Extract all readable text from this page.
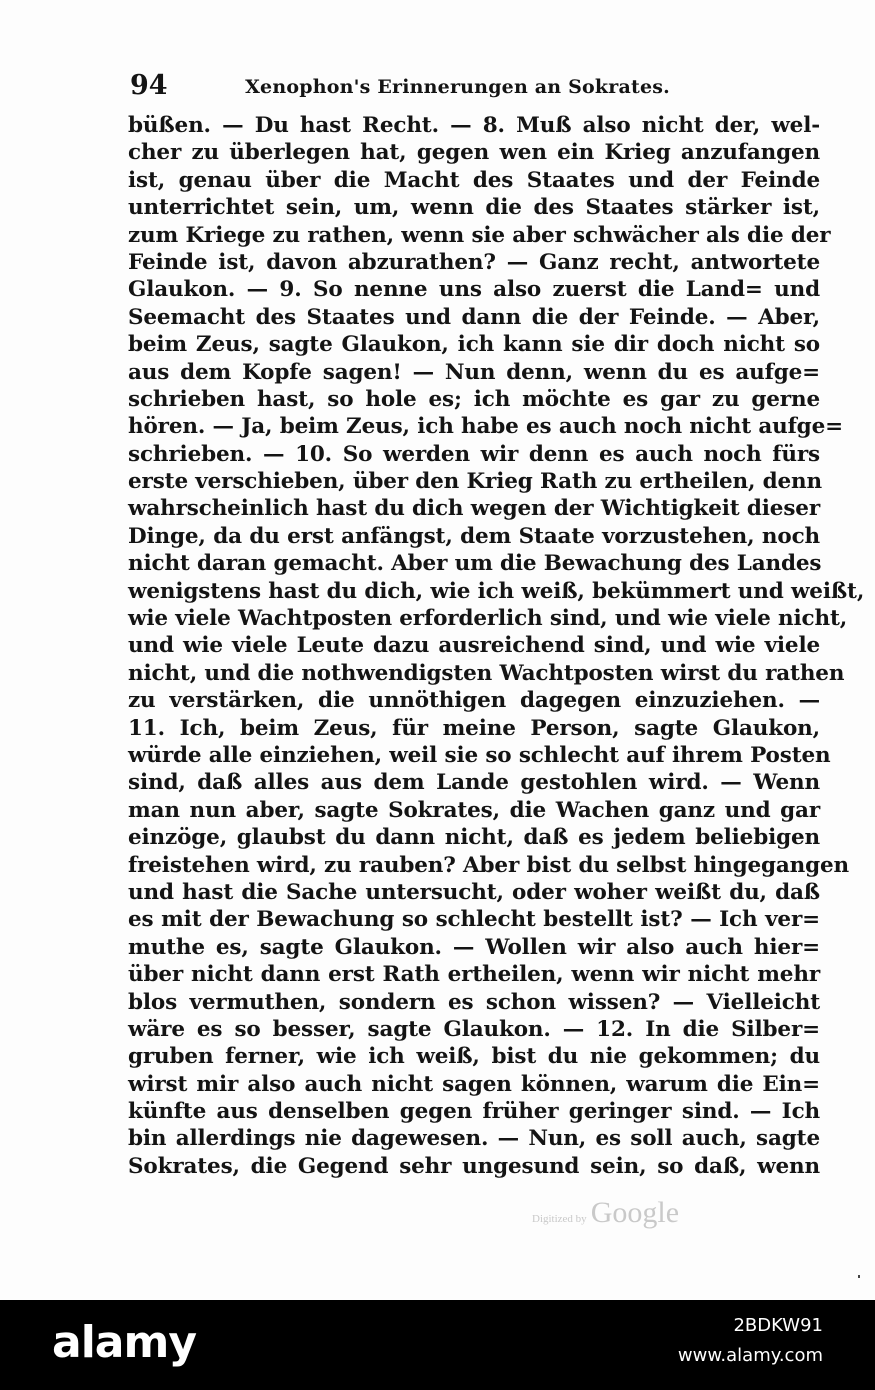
94	Xenophon's Erinnerungen an Sokrates.
büßen. — Du hast Recht. — 8. Muß also nicht der, wel-
cher zu überlegen hat, gegen wen ein Krieg anzufangen
ist, genau über die Macht des Staates und der Feinde
unterrichtet sein, um, wenn die des Staates stärker ist,
zum Kriege zu rathen, wenn sie aber schwächer als die der
Feinde ist, davon abzurathen? — Ganz recht, antwortete
Glaukon. — 9. So nenne uns also zuerst die Land= und
Seemacht des Staates und dann die der Feinde. — Aber,
beim Zeus, sagte Glaukon, ich kann sie dir doch nicht so
aus dem Kopfe sagen! — Nun denn, wenn du es aufge=
schrieben hast, so hole es; ich möchte es gar zu gerne
hören. — Ja, beim Zeus, ich habe es auch noch nicht aufge=
schrieben. — 10. So werden wir denn es auch noch fürs
erste verschieben, über den Krieg Rath zu ertheilen, denn
wahrscheinlich hast du dich wegen der Wichtigkeit dieser
Dinge, da du erst anfängst, dem Staate vorzustehen, noch
nicht daran gemacht. Aber um die Bewachung des Landes
wenigstens hast du dich, wie ich weiß, bekümmert und weißt,
wie viele Wachtposten erforderlich sind, und wie viele nicht,
und wie viele Leute dazu ausreichend sind, und wie viele
nicht, und die nothwendigsten Wachtposten wirst du rathen
zu verstärken, die unnöthigen dagegen einzuziehen. —
11. Ich, beim Zeus, für meine Person, sagte Glaukon,
würde alle einziehen, weil sie so schlecht auf ihrem Posten
sind, daß alles aus dem Lande gestohlen wird. — Wenn
man nun aber, sagte Sokrates, die Wachen ganz und gar
einzöge, glaubst du dann nicht, daß es jedem beliebigen
freistehen wird, zu rauben? Aber bist du selbst hingegangen
und hast die Sache untersucht, oder woher weißt du, daß
es mit der Bewachung so schlecht bestellt ist? — Ich ver=
muthe es, sagte Glaukon. — Wollen wir also auch hier=
über nicht dann erst Rath ertheilen, wenn wir nicht mehr
blos vermuthen, sondern es schon wissen? — Vielleicht
wäre es so besser, sagte Glaukon. — 12. In die Silber=
gruben ferner, wie ich weiß, bist du nie gekommen; du
wirst mir also auch nicht sagen können, warum die Ein=
künfte aus denselben gegen früher geringer sind. — Ich
bin allerdings nie dagewesen. — Nun, es soll auch, sagte
Sokrates, die Gegend sehr ungesund sein, so daß, wenn
Digitized by Google
alamy	2BDKW91
www.alamy.com
